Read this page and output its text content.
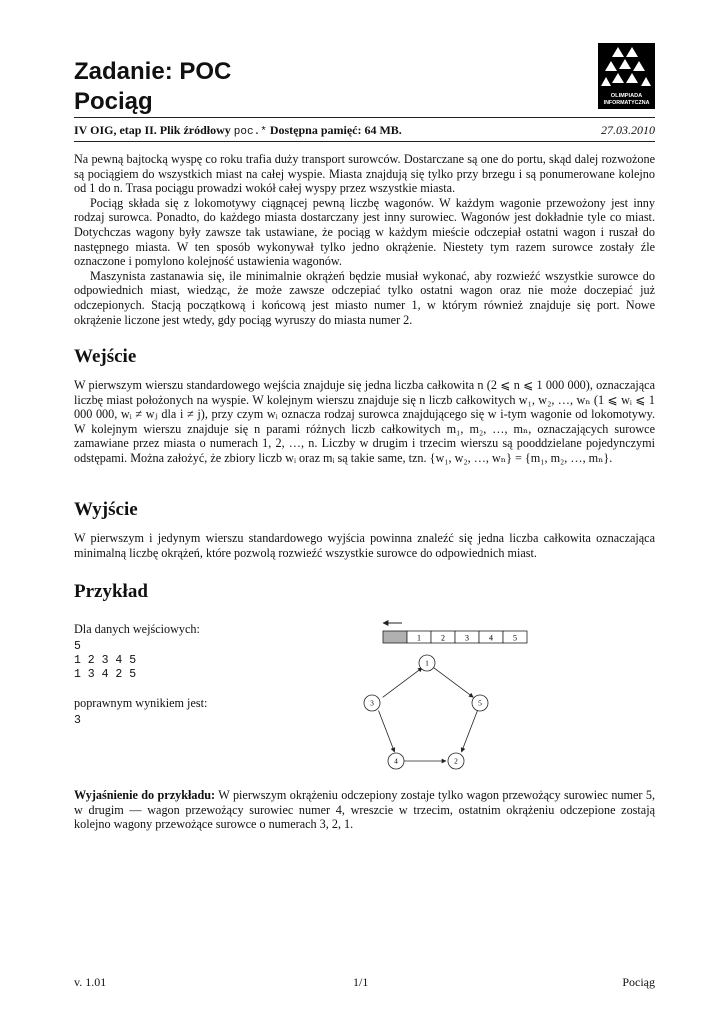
Zadanie: POC
Pociąg	OLIMPIADA
INFORMATYCZNA
IV OIG, etap II. Plik źródłowy poc.* Dostępna pamięć: 64 MB.	27.03.2010

Na pewną bajtocką wyspę co roku trafia duży transport surowców. Dostarczane są one do portu, skąd dalej rozwożone są pociągiem do wszystkich miast na całej wyspie. Miasta znajdują się tylko przy brzegu i są ponumerowane kolejno od 1 do n. Trasa pociągu prowadzi wokół całej wyspy przez wszystkie miasta.

Pociąg składa się z lokomotywy ciągnącej pewną liczbę wagonów. W każdym wagonie przewożony jest inny rodzaj surowca. Ponadto, do każdego miasta dostarczany jest inny surowiec. Wagonów jest dokładnie tyle co miast. Dotychczas wagony były zawsze tak ustawiane, że pociąg w każdym mieście odczepiał ostatni wagon i ruszał do następnego miasta. W ten sposób wykonywał tylko jedno okrążenie. Niestety tym razem surowce zostały źle oznaczone i pomylono kolejność ustawienia wagonów.

Maszynista zastanawia się, ile minimalnie okrążeń będzie musiał wykonać, aby rozwieźć wszystkie surowce do odpowiednich miast, wiedząc, że może zawsze odczepiać tylko ostatni wagon oraz nie może doczepiać już odczepionych. Stacją początkową i końcową jest miasto numer 1, w którym również znajduje się port. Nowe okrążenie liczone jest wtedy, gdy pociąg wyruszy do miasta numer 2.

Wejście
W pierwszym wierszu standardowego wejścia znajduje się jedna liczba całkowita n (2 ⩽ n ⩽ 1 000 000), oznaczająca liczbę miast położonych na wyspie. W kolejnym wierszu znajduje się n liczb całkowitych w₁, w₂, …, wₙ (1 ⩽ wᵢ ⩽ 1 000 000, wᵢ ≠ wⱼ dla i ≠ j), przy czym wᵢ oznacza rodzaj surowca znajdującego się w i-tym wagonie od lokomotywy. W kolejnym wierszu znajduje się n parami różnych liczb całkowitych m₁, m₂, …, mₙ, oznaczających surowce zamawiane przez miasta o numerach 1, 2, …, n. Liczby w drugim i trzecim wierszu są pooddzielane pojedynczymi odstępami. Można założyć, że zbiory liczb wᵢ oraz mᵢ są takie same, tzn. {w₁, w₂, …, wₙ} = {m₁, m₂, …, mₙ}.
Wyjście
W pierwszym i jedynym wierszu standardowego wyjścia powinna znaleźć się jedna liczba całkowita oznaczająca minimalną liczbę okrążeń, które pozwolą rozwieźć wszystkie surowce do odpowiednich miast.
Przykład
Dla danych wejściowych:
5
1 2 3 4 5
1 3 4 2 5
poprawnym wynikiem jest:
3
1	2	3	4	5
1
5
2
4
3
Wyjaśnienie do przykładu: W pierwszym okrążeniu odczepiony zostaje tylko wagon przewożący surowiec numer 5, w drugim — wagon przewożący surowiec numer 4, wreszcie w trzecim, ostatnim okrążeniu odczepione zostają kolejno wagony przewożące surowce o numerach 3, 2, 1.
v. 1.01	1/1	Pociąg
